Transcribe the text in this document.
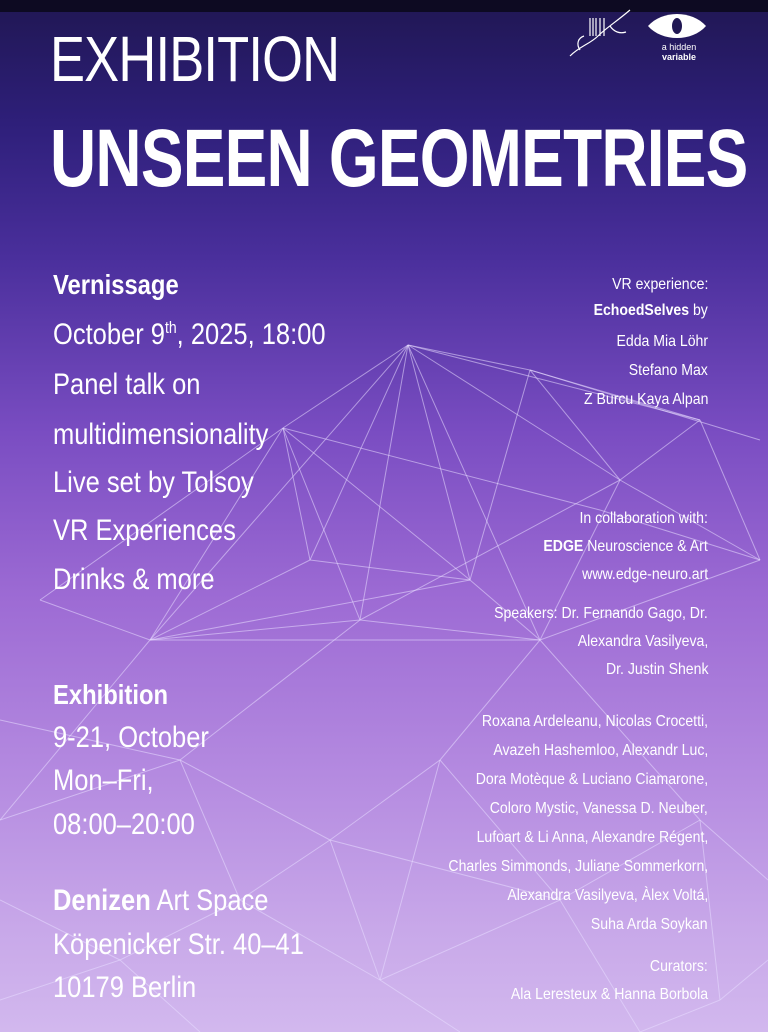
a hidden variable
EXHIBITION
UNSEEN GEOMETRIES
Vernissage
October 9th, 2025, 18:00
Panel talk on
multidimensionality
Live set by Tolsoy
VR Experiences
Drinks & more
Exhibition
9-21, October
Mon–Fri,
08:00–20:00
Denizen Art Space
Köpenicker Str. 40–41
10179 Berlin
VR experience:
EchoedSelves by
Edda Mia Löhr
Stefano Max
Z Burcu Kaya Alpan
In collaboration with:
EDGE Neuroscience & Art
www.edge-neuro.art
Speakers: Dr. Fernando Gago, Dr.
Alexandra Vasilyeva,
Dr. Justin Shenk
Roxana Ardeleanu, Nicolas Crocetti,
Avazeh Hashemloo, Alexandr Luc,
Dora Motèque & Luciano Ciamarone,
Coloro Mystic, Vanessa D. Neuber,
Lufoart & Li Anna, Alexandre Régent,
Charles Simmonds, Juliane Sommerkorn,
Alexandra Vasilyeva, Àlex Voltá,
Suha Arda Soykan
Curators:
Ala Leresteux & Hanna Borbola
